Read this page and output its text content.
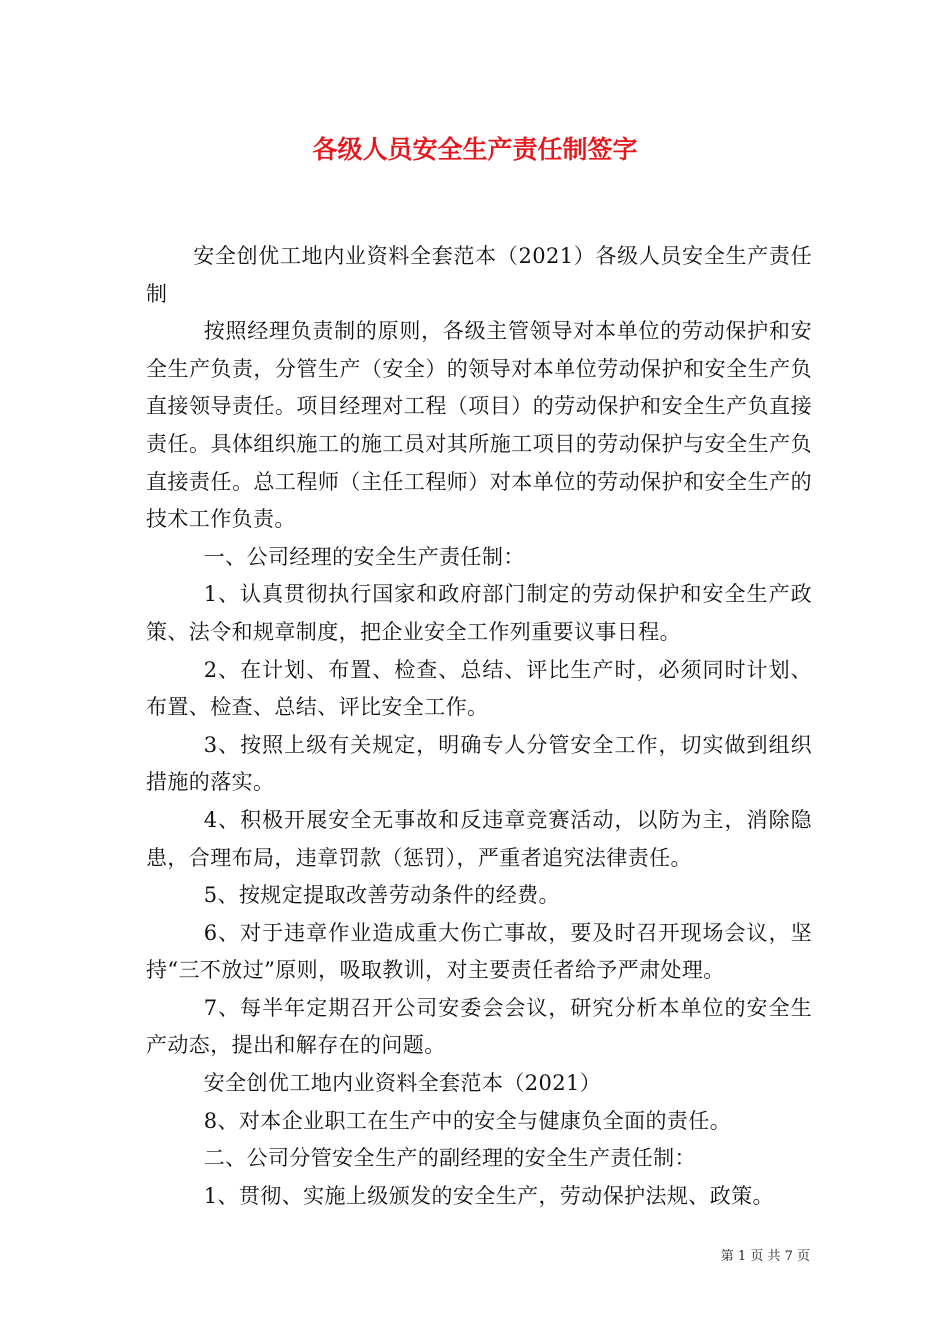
各级人员安全生产责任制签字

安全创优工地内业资料全套范本（2021）各级人员安全生产责任制

按照经理负责制的原则，各级主管领导对本单位的劳动保护和安全生产负责，分管生产（安全）的领导对本单位劳动保护和安全生产负直接领导责任。项目经理对工程（项目）的劳动保护和安全生产负直接责任。具体组织施工的施工员对其所施工项目的劳动保护与安全生产负直接责任。总工程师（主任工程师）对本单位的劳动保护和安全生产的技术工作负责。

一、公司经理的安全生产责任制：

1、认真贯彻执行国家和政府部门制定的劳动保护和安全生产政策、法令和规章制度，把企业安全工作列重要议事日程。

2、在计划、布置、检查、总结、评比生产时，必须同时计划、布置、检查、总结、评比安全工作。

3、按照上级有关规定，明确专人分管安全工作，切实做到组织措施的落实。

4、积极开展安全无事故和反违章竞赛活动，以防为主，消除隐患，合理布局，违章罚款（惩罚），严重者追究法律责任。

5、按规定提取改善劳动条件的经费。

6、对于违章作业造成重大伤亡事故，要及时召开现场会议，坚持“三不放过”原则，吸取教训，对主要责任者给予严肃处理。

7、每半年定期召开公司安委会会议，研究分析本单位的安全生产动态，提出和解存在的问题。

安全创优工地内业资料全套范本（2021）

8、对本企业职工在生产中的安全与健康负全面的责任。

二、公司分管安全生产的副经理的安全生产责任制：

1、贯彻、实施上级颁发的安全生产，劳动保护法规、政策。

第 1 页 共 7 页
